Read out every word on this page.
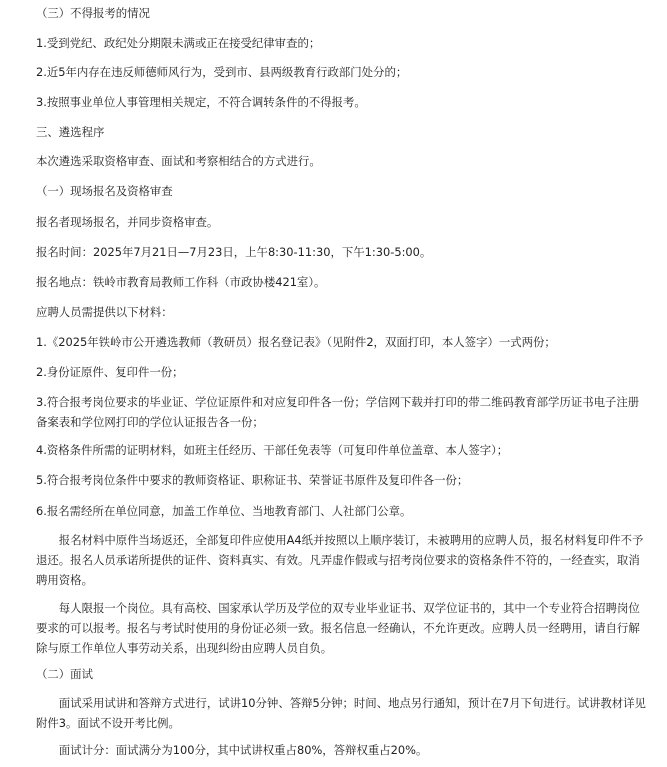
（三）不得报考的情况

1.受到党纪、政纪处分期限未满或正在接受纪律审查的；

2.近5年内存在违反师德师风行为，受到市、县两级教育行政部门处分的；

3.按照事业单位人事管理相关规定，不符合调转条件的不得报考。

三、遴选程序

本次遴选采取资格审查、面试和考察相结合的方式进行。

（一）现场报名及资格审查

报名者现场报名，并同步资格审查。

报名时间：2025年7月21日—7月23日，上午8:30-11:30，下午1:30-5:00。

报名地点：铁岭市教育局教师工作科（市政协楼421室）。

应聘人员需提供以下材料：

1.《2025年铁岭市公开遴选教师（教研员）报名登记表》（见附件2，双面打印，本人签字）一式两份；

2.身份证原件、复印件一份；

3.符合报考岗位要求的毕业证、学位证原件和对应复印件各一份；学信网下载并打印的带二维码教育部学历证书电子注册备案表和学位网打印的学位认证报告各一份；

4.资格条件所需的证明材料，如班主任经历、干部任免表等（可复印件单位盖章、本人签字）；

5.符合报考岗位条件中要求的教师资格证、职称证书、荣誉证书原件及复印件各一份；

6.报名需经所在单位同意，加盖工作单位、当地教育部门、人社部门公章。

报名材料中原件当场返还，全部复印件应使用A4纸并按照以上顺序装订，未被聘用的应聘人员，报名材料复印件不予退还。报名人员承诺所提供的证件、资料真实、有效。凡弄虚作假或与招考岗位要求的资格条件不符的，一经查实，取消聘用资格。

每人限报一个岗位。具有高校、国家承认学历及学位的双专业毕业证书、双学位证书的，其中一个专业符合招聘岗位要求的可以报考。报名与考试时使用的身份证必须一致。报名信息一经确认，不允许更改。应聘人员一经聘用，请自行解除与原工作单位人事劳动关系，出现纠纷由应聘人员自负。

（二）面试

面试采用试讲和答辩方式进行，试讲10分钟、答辩5分钟；时间、地点另行通知，预计在7月下旬进行。试讲教材详见附件3。面试不设开考比例。

面试计分：面试满分为100分，其中试讲权重占80%，答辩权重占20%。
